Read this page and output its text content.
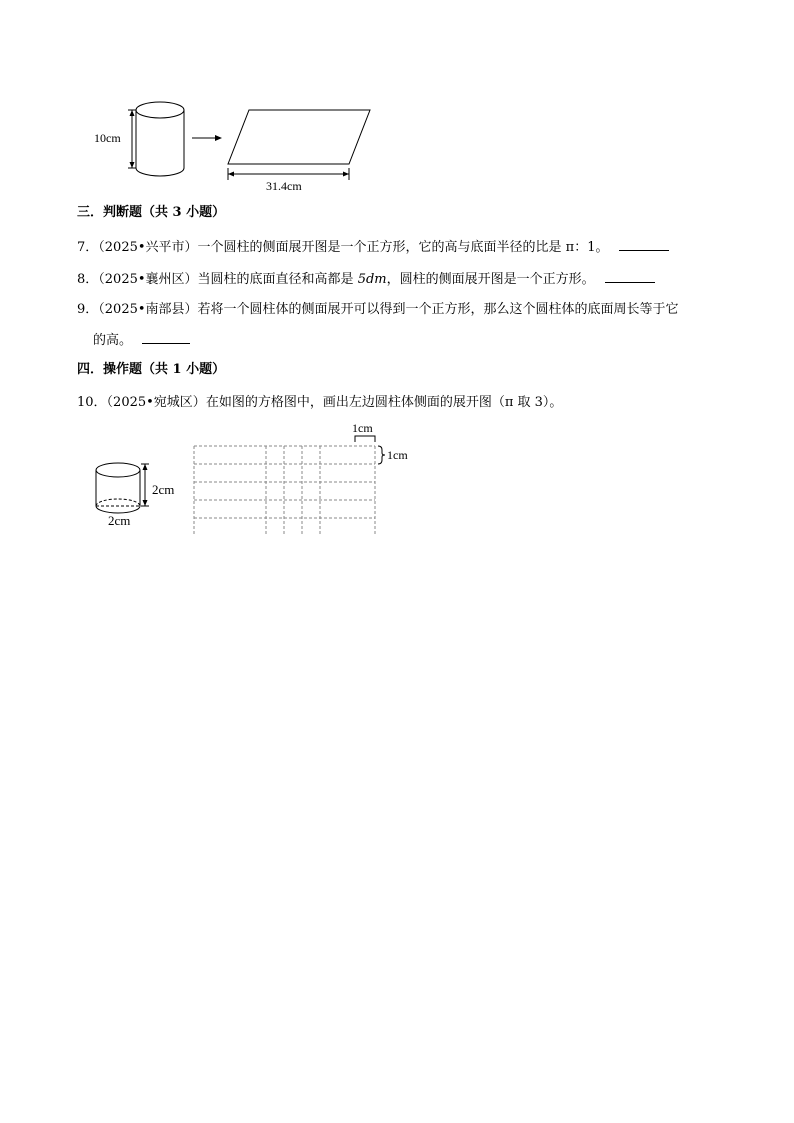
10cm
31.4cm
三．判断题（共 3 小题）
7．（2025•兴平市）一个圆柱的侧面展开图是一个正方形，它的高与底面半径的比是 π：1。
8．（2025•襄州区）当圆柱的底面直径和高都是 5dm，圆柱的侧面展开图是一个正方形。
9．（2025•南部县）若将一个圆柱体的侧面展开可以得到一个正方形，那么这个圆柱体的底面周长等于它
的高。
四．操作题（共 1 小题）
10．（2025•宛城区）在如图的方格图中，画出左边圆柱体侧面的展开图（π 取 3）。
2cm
2cm
1cm
1cm
